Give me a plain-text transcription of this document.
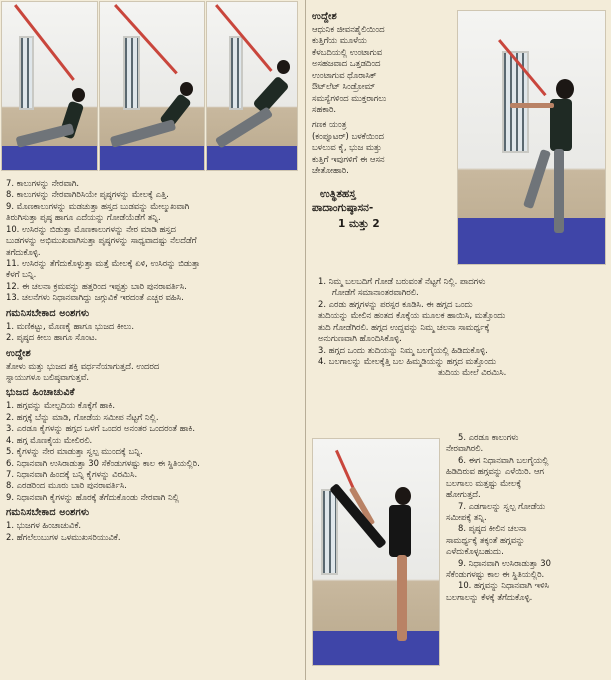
7. ಕಾಲುಗಳನ್ನು ನೇರವಾಗಿ.
8. ಕಾಲುಗಳನ್ನು ನೇರವಾಗಿರಿಸಿಯೇ ಪೃಷ್ಠಗಳನ್ನು ಮೇಲಕ್ಕೆ ಎತ್ತಿ.
9. ಮೊಣಕಾಲುಗಳನ್ನು ಮಡಚುತ್ತಾ ಹಸ್ತದ ಬುಡವನ್ನು ಮೇಲ್ಮುಖವಾಗಿ
ತಿರುಗಿಸುತ್ತಾ ಪೃಷ್ಠ ಹಾಗೂ ಎದೆಯನ್ನು ಗೋಡೆಯೆಡೆಗೆ ತನ್ನಿ.
10. ಉಸಿರನ್ನು ಬಿಡುತ್ತಾ ಮೊಣಕಾಲುಗಳನ್ನು ನೇರ ಮಾಡಿ ಹಸ್ತದ
ಬುಡಗಳನ್ನು ಅಭಿಮುಖವಾಗಿಸುತ್ತಾ ಪೃಷ್ಠಗಳನ್ನು ಸಾಧ್ಯವಾದಷ್ಟು ನೆಲದೆಡೆಗೆ
ತಗೆದುಕೊಳ್ಳಿ.
11. ಉಸಿರನ್ನು ತೆಗೆದುಕೊಳ್ಳುತ್ತಾ ಮತ್ತೆ ಮೇಲಕ್ಕೆ ಏಳಿ, ಉಸಿರನ್ನು ಬಿಡುತ್ತಾ
ಕೆಳಗೆ ಬನ್ನಿ.
12. ಈ ಚಲನಾ ಕ್ರಮವನ್ನು ಹತ್ತರಿಂದ ಇಪ್ಪತ್ತು ಬಾರಿ ಪುನರಾವರ್ತಿಸಿ.
13. ಚಲನೆಗಳು ನಿಧಾನವಾಗಿದ್ದು ಜಗ್ಗುವಿಕೆ ಇರದಂತೆ ಎಚ್ಚರ ವಹಿಸಿ.
ಗಮನಿಸಬೇಕಾದ ಅಂಶಗಳು
1. ಮಣಿಕಟ್ಟು, ಮೊಣಕೈ ಹಾಗೂ ಭುಜದ ಕೀಲು.
2. ಪೃಷ್ಠದ ಕೀಲು ಹಾಗೂ ಸೊಂಟ.
ಉದ್ದೇಶ
ತೋಳು ಮತ್ತು ಭುಜದ ಶಕ್ತಿ ವರ್ಧನೆಯಾಗುತ್ತದೆ. ಉದರದ
ಸ್ನಾಯುಗಳೂ ಬಲಿಷ್ಠವಾಗುತ್ತವೆ.
ಭುಜದ ಹಿಂಚಾಚುವಿಕೆ
1. ಹಗ್ಗವನ್ನು ಮೇಲ್ಪದಿಯ ಕೊಕ್ಕೆಗೆ ಹಾಕಿ.
2. ಹಗ್ಗಕ್ಕೆ ಬೆನ್ನು ಮಾಡಿ, ಗೋಡೆಯ ಸಮೀಪ ನೆಟ್ಟಗೆ ನಿಲ್ಲಿ.
3. ಎರಡೂ ಕೈಗಳನ್ನು ಹಗ್ಗದ ಒಳಗೆ ಒಂದರ ಅನಂತರ ಒಂದರಂತೆ ಹಾಕಿ.
4. ಹಗ್ಗ ಮೊಣಕೈಯ ಮೇಲಿರಲಿ.
5. ಕೈಗಳನ್ನು ನೇರ ಮಾಡುತ್ತಾ ಸ್ವಲ್ಪ ಮುಂದಕ್ಕೆ ಬನ್ನಿ.
6. ನಿಧಾನವಾಗಿ ಉಸಿರಾಡುತ್ತಾ 30 ಸೆಕೆಂಡುಗಳಷ್ಟು ಕಾಲ ಈ ಸ್ಥಿತಿಯಲ್ಲಿರಿ.
7. ನಿಧಾನವಾಗಿ ಹಿಂದಕ್ಕೆ ಬನ್ನಿ ಕೈಗಳನ್ನು ವಿರಮಿಸಿ.
8. ಎರಡರಿಂದ ಮೂರು ಬಾರಿ ಪುನರಾವರ್ತಿಸಿ.
9. ನಿಧಾನವಾಗಿ ಕೈಗಳನ್ನು ಹೊರಕ್ಕೆ ತೆಗೆದುಕೊಂಡು ನೇರವಾಗಿ ನಿಲ್ಲಿ
ಗಮನಿಸಬೇಕಾದ ಅಂಶಗಳು
1. ಭುಜಗಳ ಹಿಂಚಾಚುವಿಕೆ.
2. ಹೆಗಲೆಲುಬುಗಳ ಒಳಮುಖಸರಿಯುವಿಕೆ.
ಉದ್ದೇಶ
ಆಧುನಿಕ ಜೀವನಶೈಲಿಯಿಂದ
ಕುತ್ತಿಗೆಯ ಮೂಳೆಯ
ಕೆಳಬದಿಯಲ್ಲಿ ಉಂಟಾಗುವ
ಅಸಹಜವಾದ ಒತ್ತಡದಿಂದ
ಉಂಟಾಗುವ ಥೊರಾಸಿಕ್
ಔಟ್‌ಲೆಟ್ ಸಿಂಡ್ರೋಮ್
ಸಮಸ್ಯೆಗಳಿಂದ ಮುಕ್ತರಾಗಲು
ಸಹಕಾರಿ.
ಗಣಕ ಯಂತ್ರ
(ಕಂಪ್ಯೂಟರ್) ಬಳಕೆಯಿಂದ
ಬಳಲುವ ಕೈ, ಭುಜ ಮತ್ತು
ಕುತ್ತಿಗೆ ಇವುಗಳಿಗೆ ಈ ಆಸನ
ಚೇತೋಹಾರಿ.
ಉತ್ಥಿತಹಸ್ತ
ಪಾದಾಂಗುಷ್ಠಾಸನ-
1 ಮತ್ತು 2
1. ನಿಮ್ಮ ಬಲಬದಿಗೆ ಗೋಡೆ ಬರುವಂತೆ ನೆಟ್ಟಗೆ ನಿಲ್ಲಿ. ಪಾದಗಳು
ಗೋಡೆಗೆ ಸಮಾನಾಂತರವಾಗಿರಲಿ.
2. ಎರಡು ಹಗ್ಗಗಳನ್ನು ಪರಸ್ಪರ ಕೂಡಿಸಿ. ಈ ಹಗ್ಗದ ಒಂದು
ತುದಿಯನ್ನು ಮೇಲಿನ ಹಂತದ ಕೊಕ್ಕೆಯ ಮೂಲಕ ಹಾಯಿಸಿ, ಮತ್ತೊಂದು
ತುದಿ ಗೋಡೆಗಿರಲಿ. ಹಗ್ಗದ ಉದ್ದವನ್ನು ನಿಮ್ಮ ಚಲನಾ ಸಾಮರ್ಥ್ಯಕ್ಕೆ
ಅನುಗುಣವಾಗಿ ಹೊಂದಿಸಿಕೊಳ್ಳಿ.
3. ಹಗ್ಗದ ಒಂದು ತುದಿಯನ್ನು ನಿಮ್ಮ ಬಲಗೈಯಲ್ಲಿ ಹಿಡಿದುಕೊಳ್ಳಿ.
4. ಬಲಗಾಲನ್ನು ಮೇಲಕ್ಕೆತ್ತಿ ಬಲ ಹಿಮ್ಮಡಿಯನ್ನು ಹಗ್ಗದ ಮತ್ತೊಂದು
ತುದಿಯ ಮೇಲೆ ವಿರಮಿಸಿ.
5. ಎರಡೂ ಕಾಲುಗಳು
ನೇರವಾಗಿರಲಿ.
6. ಈಗ ನಿಧಾನವಾಗಿ ಬಲಗೈಯಲ್ಲಿ
ಹಿಡಿದಿರುವ ಹಗ್ಗವನ್ನು ಎಳೆಯಿರಿ. ಆಗ
ಬಲಗಾಲು ಮತ್ತಷ್ಟು ಮೇಲಕ್ಕೆ
ಹೋಗುತ್ತದೆ.
7. ಎಡಗಾಲನ್ನು ಸ್ವಲ್ಪ ಗೋಡೆಯ
ಸಮೀಪಕ್ಕೆ ತನ್ನಿ.
8. ಪೃಷ್ಠದ ಕೀಲಿನ ಚಲನಾ
ಸಾಮರ್ಥ್ಯಕ್ಕೆ ತಕ್ಕಂತೆ ಹಗ್ಗವನ್ನು
ಎಳೆದುಕೊಳ್ಳಬಹುದು.
9. ನಿಧಾನವಾಗಿ ಉಸಿರಾಡುತ್ತಾ 30
ಸೆಕೆಂಡುಗಳಷ್ಟು ಕಾಲ ಈ ಸ್ಥಿತಿಯಲ್ಲಿರಿ.
10. ಹಗ್ಗವನ್ನು ನಿಧಾನವಾಗಿ ಇಳಿಸಿ
ಬಲಗಾಲನ್ನು ಕೆಳಕ್ಕೆ ತೆಗೆದುಕೊಳ್ಳಿ.
